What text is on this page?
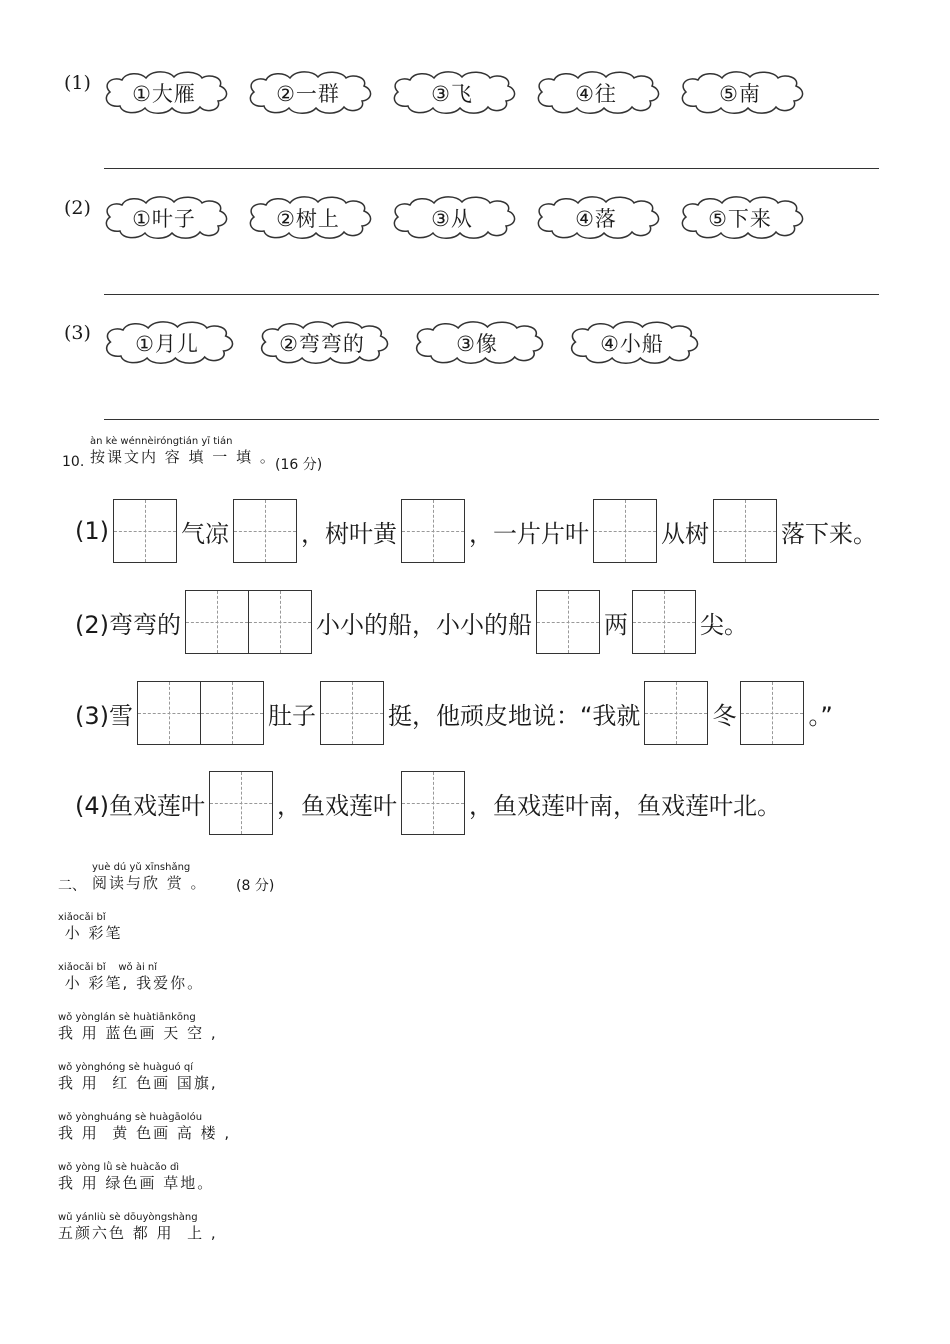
(1)	①大雁	②一群	③飞	④往	⑤南
(2)	①叶子	②树上	③从	④落	⑤下来
(3)	①月儿	②弯弯的	③像	④小船
10.
àn kè wénnèiróngtián yī tián
按课文内 容 填 一 填 。
(16 分)
(1)	气凉	，树叶黄	，一片片叶	从树	落下来。
(2)弯弯的	小小的船，小小的船	两	尖。
(3)雪	肚子	挺，他顽皮地说：“我就	冬	。”
(4)鱼戏莲叶	，鱼戏莲叶	，鱼戏莲叶南，鱼戏莲叶北。
二、
yuè dú yǔ xīnshǎng
阅读与欣 赏 。 (8 分)
xiǎocǎi bǐ
小 彩笔
xiǎocǎi bǐ    wǒ ài nǐ
小 彩笔, 我爱你。
wǒ yònglán sè huàtiānkōng
我 用 蓝色画 天 空 ,
wǒ yònghóng sè huàguó qí
我 用  红 色画 国旗,
wǒ yònghuáng sè huàgāolóu
我 用  黄 色画 高 楼 ,
wǒ yòng lǜ sè huàcǎo dì
我 用 绿色画 草地。
wǔ yánliù sè dōuyòngshàng
五颜六色 都 用  上 ,
